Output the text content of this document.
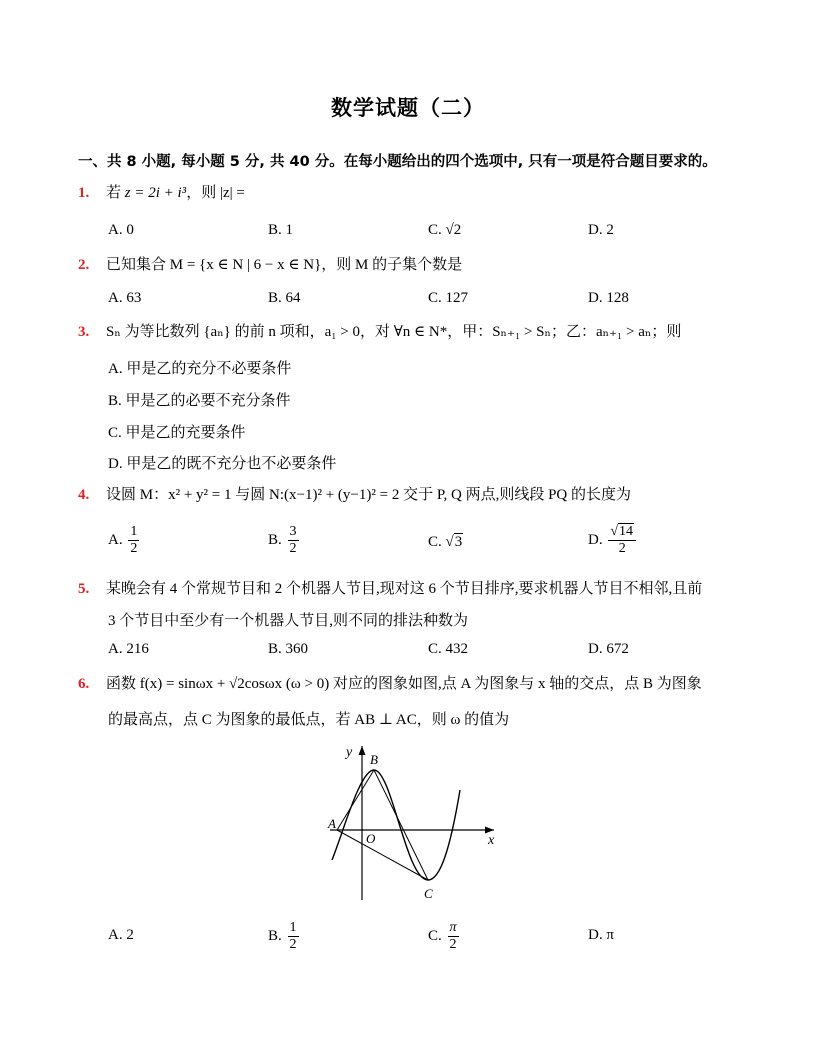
数学试题（二）
一、共 8 小题, 每小题 5 分, 共 40 分。在每小题给出的四个选项中, 只有一项是符合题目要求的。
1. 若 z = 2i + i³，则 |z| =
A. 0	B. 1	C. √2	D. 2
2. 已知集合 M = {x ∈ N | 6 − x ∈ N}，则 M 的子集个数是
A. 63	B. 64	C. 127	D. 128
3. Sₙ 为等比数列 {aₙ} 的前 n 项和，a₁ > 0，对 ∀n ∈ N*，甲：Sₙ₊₁ > Sₙ；乙：aₙ₊₁ > aₙ；则
A. 甲是乙的充分不必要条件
B. 甲是乙的必要不充分条件
C. 甲是乙的充要条件
D. 甲是乙的既不充分也不必要条件
4. 设圆 M：x² + y² = 1 与圆 N:(x−1)² + (y−1)² = 2 交于 P, Q 两点,则线段 PQ 的长度为
A. $\frac{1}{2}$	B. $\frac{3}{2}$	C. √3	D. $\frac{√14}{2}$
5. 某晚会有 4 个常规节目和 2 个机器人节目,现对这 6 个节目排序,要求机器人节目不相邻,且前
3 个节目中至少有一个机器人节目,则不同的排法种数为
A. 216	B. 360	C. 432	D. 672
6. 函数 f(x) = sinωx + √2cosωx (ω > 0) 对应的图象如图,点 A 为图象与 x 轴的交点，点 B 为图象
的最高点，点 C 为图象的最低点，若 AB ⊥ AC，则 ω 的值为
y
x
O
A
B
C
A. 2	B. $\frac{1}{2}$	C. $\frac{\pi}{2}$	D. π
